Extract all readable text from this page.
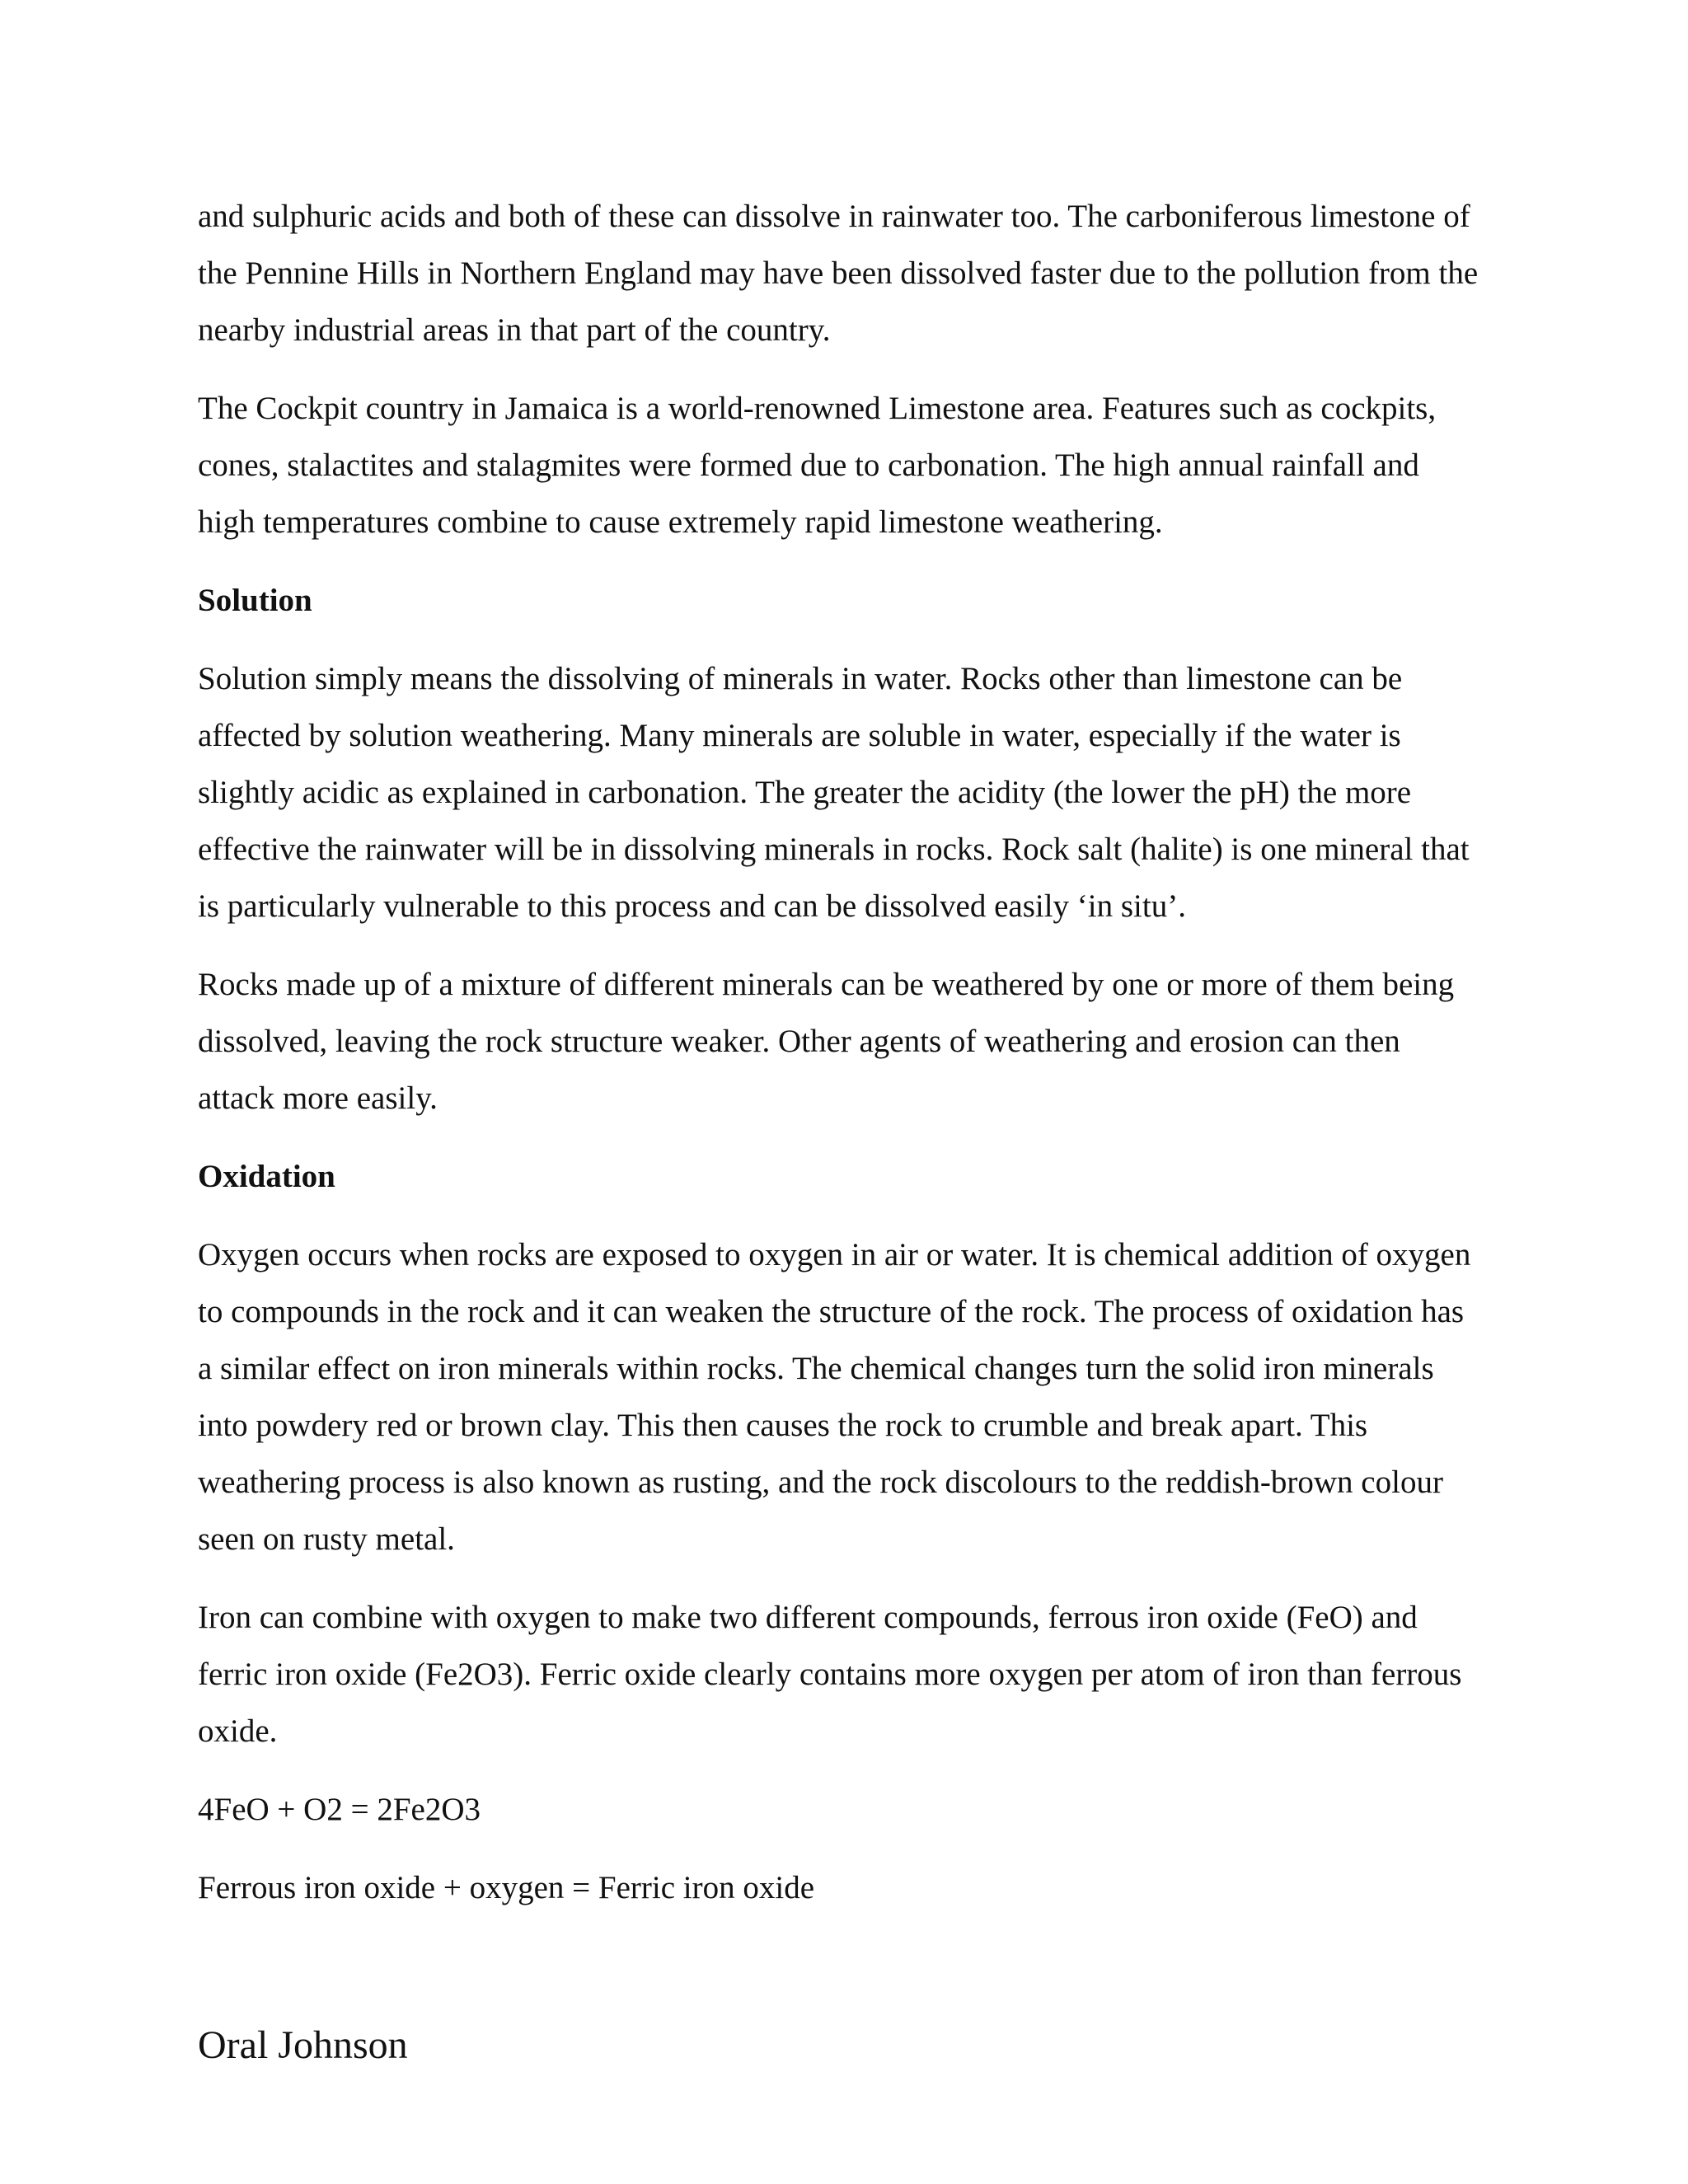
and sulphuric acids and both of these can dissolve in rainwater too. The carboniferous limestone of the Pennine Hills in Northern England may have been dissolved faster due to the pollution from the nearby industrial areas in that part of the country.

The Cockpit country in Jamaica is a world-renowned Limestone area. Features such as cockpits, cones, stalactites and stalagmites were formed due to carbonation. The high annual rainfall and high temperatures combine to cause extremely rapid limestone weathering.

Solution

Solution simply means the dissolving of minerals in water. Rocks other than limestone can be affected by solution weathering. Many minerals are soluble in water, especially if the water is slightly acidic as explained in carbonation. The greater the acidity (the lower the pH) the more effective the rainwater will be in dissolving minerals in rocks. Rock salt (halite) is one mineral that is particularly vulnerable to this process and can be dissolved easily ‘in situ’.

Rocks made up of a mixture of different minerals can be weathered by one or more of them being dissolved, leaving the rock structure weaker. Other agents of weathering and erosion can then attack more easily.

Oxidation

Oxygen occurs when rocks are exposed to oxygen in air or water. It is chemical addition of oxygen to compounds in the rock and it can weaken the structure of the rock. The process of oxidation has a similar effect on iron minerals within rocks. The chemical changes turn the solid iron minerals into powdery red or brown clay. This then causes the rock to crumble and break apart. This weathering process is also known as rusting, and the rock discolours to the reddish-brown colour seen on rusty metal.

Iron can combine with oxygen to make two different compounds, ferrous iron oxide (FeO) and ferric iron oxide (Fe2O3). Ferric oxide clearly contains more oxygen per atom of iron than ferrous oxide.

4FeO + O2 = 2Fe2O3

Ferrous iron oxide + oxygen = Ferric iron oxide

Oral Johnson
